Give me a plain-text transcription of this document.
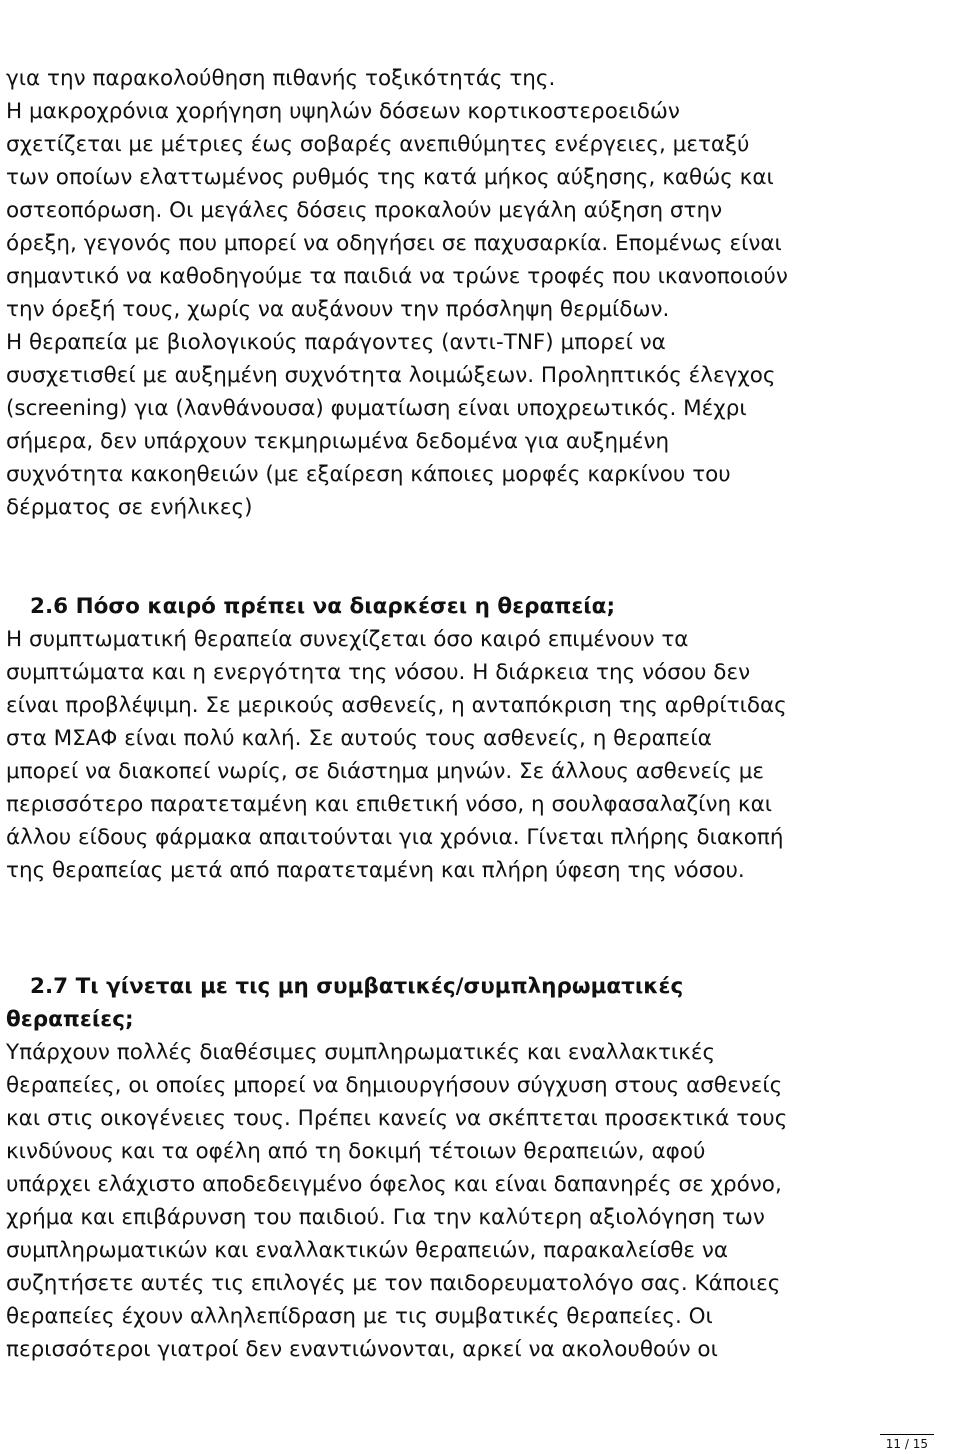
για την παρακολούθηση πιθανής τοξικότητάς της.
Η μακροχρόνια χορήγηση υψηλών δόσεων κορτικοστεροειδών
σχετίζεται με μέτριες έως σοβαρές ανεπιθύμητες ενέργειες, μεταξύ
των οποίων ελαττωμένος ρυθμός της κατά μήκος αύξησης, καθώς και
οστεοπόρωση. Οι μεγάλες δόσεις προκαλούν μεγάλη αύξηση στην
όρεξη, γεγονός που μπορεί να οδηγήσει σε παχυσαρκία. Επομένως είναι
σημαντικό να καθοδηγούμε τα παιδιά να τρώνε τροφές που ικανοποιούν
την όρεξή τους, χωρίς να αυξάνουν την πρόσληψη θερμίδων.
Η θεραπεία με βιολογικούς παράγοντες (αντι-TNF) μπορεί να
συσχετισθεί με αυξημένη συχνότητα λοιμώξεων. Προληπτικός έλεγχος
(screening) για (λανθάνουσα) φυματίωση είναι υποχρεωτικός. Μέχρι
σήμερα, δεν υπάρχουν τεκμηριωμένα δεδομένα για αυξημένη
συχνότητα κακοηθειών (με εξαίρεση κάποιες μορφές καρκίνου του
δέρματος σε ενήλικες)
2.6 Πόσο καιρό πρέπει να διαρκέσει η θεραπεία;
Η συμπτωματική θεραπεία συνεχίζεται όσο καιρό επιμένουν τα
συμπτώματα και η ενεργότητα της νόσου. Η διάρκεια της νόσου δεν
είναι προβλέψιμη. Σε μερικούς ασθενείς, η ανταπόκριση της αρθρίτιδας
στα ΜΣΑΦ είναι πολύ καλή. Σε αυτούς τους ασθενείς, η θεραπεία
μπορεί να διακοπεί νωρίς, σε διάστημα μηνών. Σε άλλους ασθενείς με
περισσότερο παρατεταμένη και επιθετική νόσο, η σουλφασαλαζίνη και
άλλου είδους φάρμακα απαιτούνται για χρόνια. Γίνεται πλήρης διακοπή
της θεραπείας μετά από παρατεταμένη και πλήρη ύφεση της νόσου.
2.7 Τι γίνεται με τις μη συμβατικές/συμπληρωματικές
θεραπείες;
Υπάρχουν πολλές διαθέσιμες συμπληρωματικές και εναλλακτικές
θεραπείες, οι οποίες μπορεί να δημιουργήσουν σύγχυση στους ασθενείς
και στις οικογένειες τους. Πρέπει κανείς να σκέπτεται προσεκτικά τους
κινδύνους και τα οφέλη από τη δοκιμή τέτοιων θεραπειών, αφού
υπάρχει ελάχιστο αποδεδειγμένο όφελος και είναι δαπανηρές σε χρόνο,
χρήμα και επιβάρυνση του παιδιού. Για την καλύτερη αξιολόγηση των
συμπληρωματικών και εναλλακτικών θεραπειών, παρακαλείσθε να
συζητήσετε αυτές τις επιλογές με τον παιδορευματολόγο σας. Κάποιες
θεραπείες έχουν αλληλεπίδραση με τις συμβατικές θεραπείες. Οι
περισσότεροι γιατροί δεν εναντιώνονται, αρκεί να ακολουθούν οι
11 / 15
